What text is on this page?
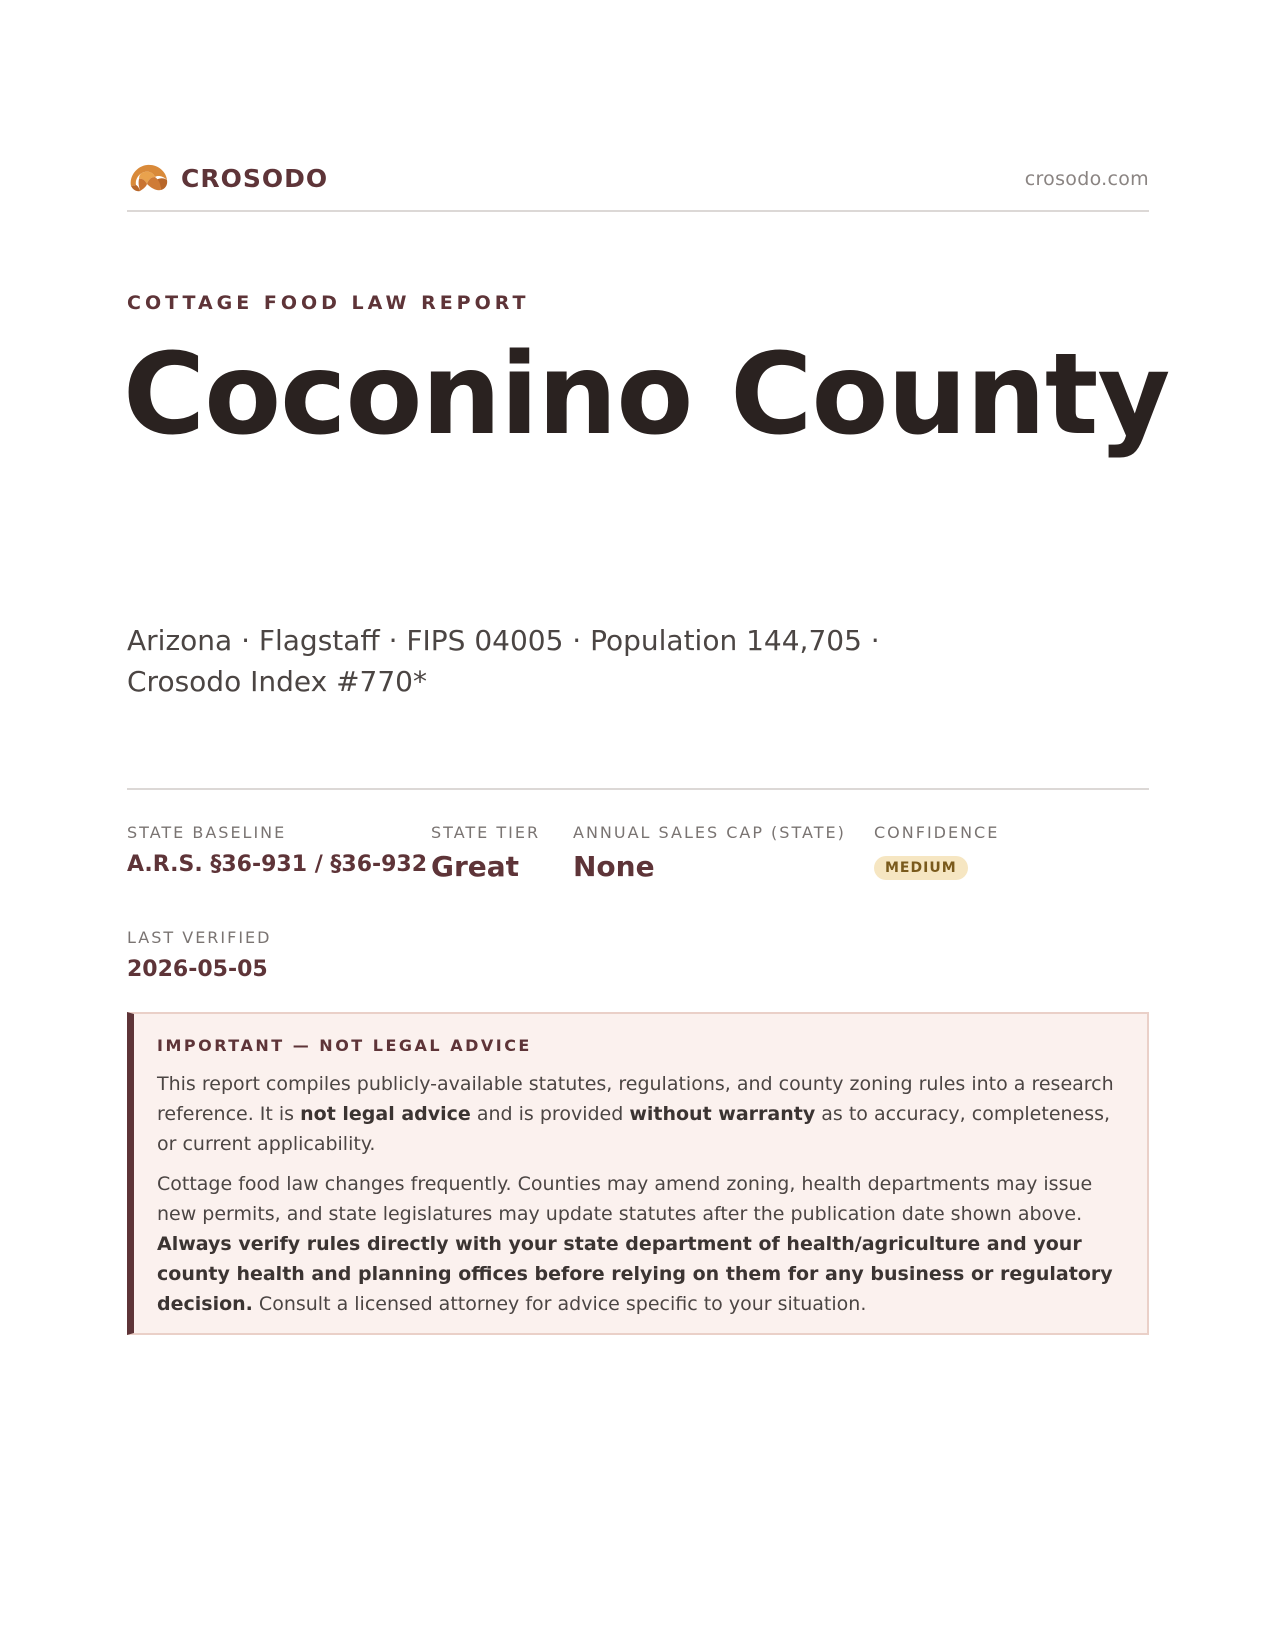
CROSODO	crosodo.com
COTTAGE FOOD LAW REPORT
Coconino County
Arizona · Flagstaff · FIPS 04005 · Population 144,705 ·
Crosodo Index #770*
STATE BASELINE
A.R.S. §36-931 / §36-932
STATE TIER
Great
ANNUAL SALES CAP (STATE)
None
CONFIDENCE
MEDIUM
LAST VERIFIED
2026-05-05
IMPORTANT — NOT LEGAL ADVICE

This report compiles publicly-available statutes, regulations, and county zoning rules into a research reference. It is not legal advice and is provided without warranty as to accuracy, completeness, or current applicability.

Cottage food law changes frequently. Counties may amend zoning, health departments may issue new permits, and state legislatures may update statutes after the publication date shown above. Always verify rules directly with your state department of health/agriculture and your county health and planning offices before relying on them for any business or regulatory decision. Consult a licensed attorney for advice specific to your situation.
